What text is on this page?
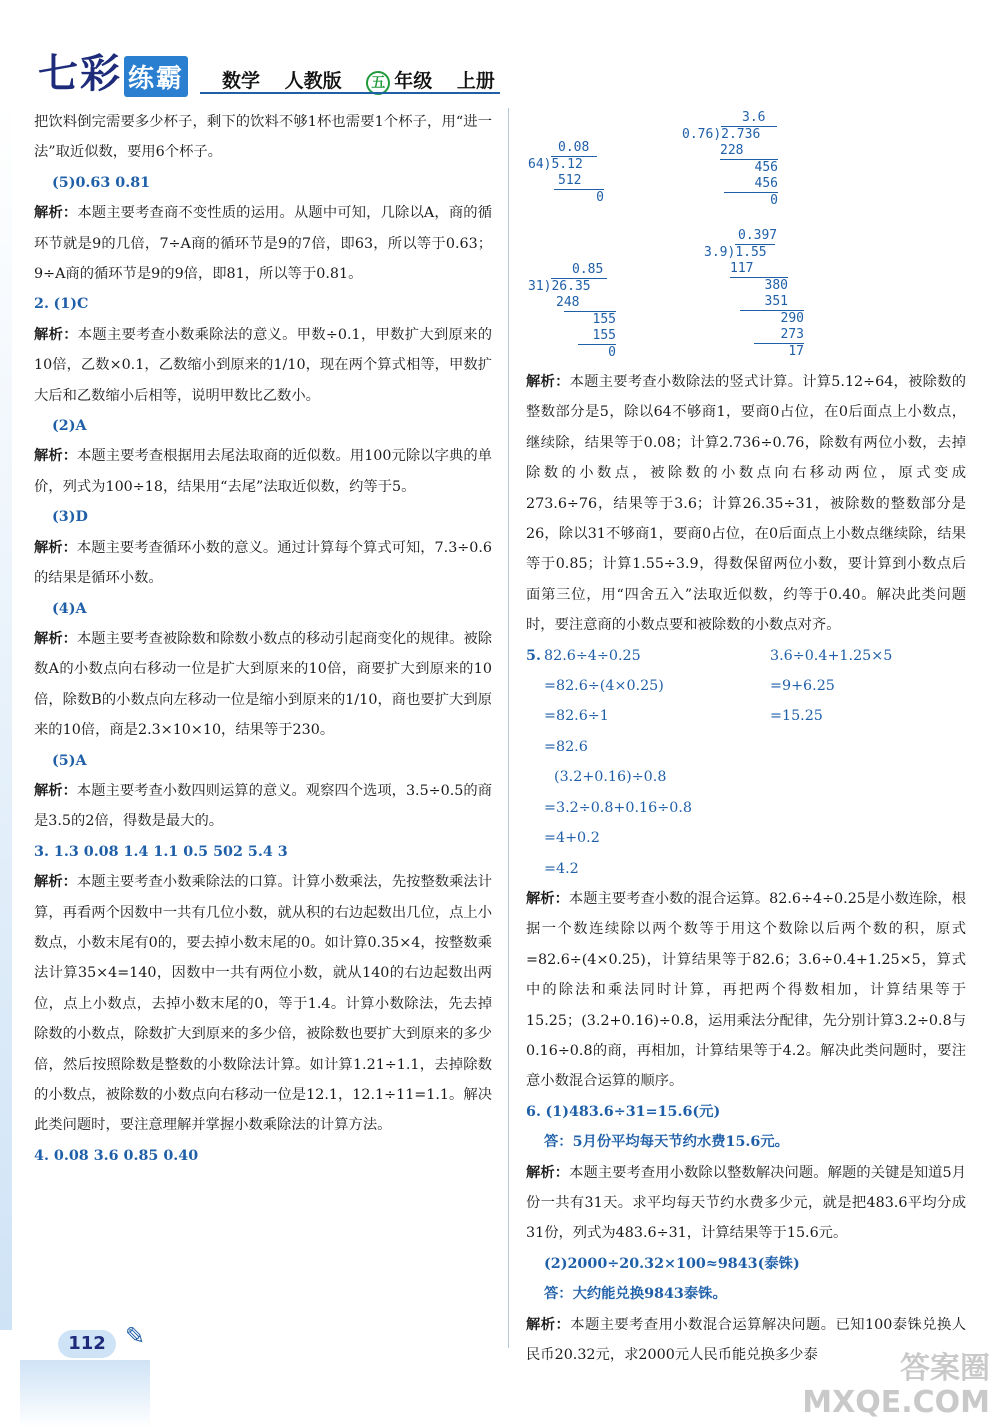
七彩 练霸 数学 人教版 五 年级 上册

把饮料倒完需要多少杯子，剩下的饮料不够1杯也需要1个杯子，用“进一法”取近似数，要用6个杯子。

(5)0.63 0.81

解析：本题主要考查商不变性质的运用。从题中可知，几除以A，商的循环节就是9的几倍，7÷A商的循环节是9的7倍，即63，所以等于0.63；9÷A商的循环节是9的9倍，即81，所以等于0.81。

2. (1)C

解析：本题主要考查小数乘除法的意义。甲数÷0.1，甲数扩大到原来的10倍，乙数×0.1，乙数缩小到原来的1/10，现在两个算式相等，甲数扩大后和乙数缩小后相等，说明甲数比乙数小。

(2)A

解析：本题主要考查根据用去尾法取商的近似数。用100元除以字典的单价，列式为100÷18，结果用“去尾”法取近似数，约等于5。

(3)D

解析：本题主要考查循环小数的意义。通过计算每个算式可知，7.3÷0.6的结果是循环小数。

(4)A

解析：本题主要考查被除数和除数小数点的移动引起商变化的规律。被除数A的小数点向右移动一位是扩大到原来的10倍，商要扩大到原来的10倍，除数B的小数点向左移动一位是缩小到原来的1/10，商也要扩大到原来的10倍，商是2.3×10×10，结果等于230。

(5)A

解析：本题主要考查小数四则运算的意义。观察四个选项，3.5÷0.5的商是3.5的2倍，得数是最大的。

3. 1.3 0.08 1.4 1.1 0.5 502 5.4 3

解析：本题主要考查小数乘除法的口算。计算小数乘法，先按整数乘法计算，再看两个因数中一共有几位小数，就从积的右边起数出几位，点上小数点，小数末尾有0的，要去掉小数末尾的0。如计算0.35×4，按整数乘法计算35×4=140，因数中一共有两位小数，就从140的右边起数出两位，点上小数点，去掉小数末尾的0，等于1.4。计算小数除法，先去掉除数的小数点，除数扩大到原来的多少倍，被除数也要扩大到原来的多少倍，然后按照除数是整数的小数除法计算。如计算1.21÷1.1，去掉除数的小数点，被除数的小数点向右移动一位是12.1，12.1÷11=1.1。解决此类问题时，要注意理解并掌握小数乘除法的计算方法。

4. 0.08 3.6 0.85 0.40

0.08
64)5.12
512
0
3.6
0.76)2.736
228
456
456
0
0.85
31)26.35
248
155
155
0
0.397
3.9)1.55
117
380
351
290
273
17

解析：本题主要考查小数除法的竖式计算。计算5.12÷64，被除数的整数部分是5，除以64不够商1，要商0占位，在0后面点上小数点，继续除，结果等于0.08；计算2.736÷0.76，除数有两位小数，去掉除数的小数点，被除数的小数点向右移动两位，原式变成273.6÷76，结果等于3.6；计算26.35÷31，被除数的整数部分是26，除以31不够商1，要商0占位，在0后面点上小数点继续除，结果等于0.85；计算1.55÷3.9，得数保留两位小数，要计算到小数点后面第三位，用“四舍五入”法取近似数，约等于0.40。解决此类问题时，要注意商的小数点要和被除数的小数点对齐。

5. 82.6÷4÷0.25	3.6÷0.4+1.25×5
=82.6÷(4×0.25)	=9+6.25
=82.6÷1	=15.25
=82.6
(3.2+0.16)÷0.8
=3.2÷0.8+0.16÷0.8
=4+0.2
=4.2

解析：本题主要考查小数的混合运算。82.6÷4÷0.25是小数连除，根据一个数连续除以两个数等于用这个数除以后两个数的积，原式=82.6÷(4×0.25)，计算结果等于82.6；3.6÷0.4+1.25×5，算式中的除法和乘法同时计算，再把两个得数相加，计算结果等于15.25；(3.2+0.16)÷0.8，运用乘法分配律，先分别计算3.2÷0.8与0.16÷0.8的商，再相加，计算结果等于4.2。解决此类问题时，要注意小数混合运算的顺序。

6. (1)483.6÷31=15.6(元)

答：5月份平均每天节约水费15.6元。

解析：本题主要考查用小数除以整数解决问题。解题的关键是知道5月份一共有31天。求平均每天节约水费多少元，就是把483.6平均分成31份，列式为483.6÷31，计算结果等于15.6元。

(2)2000÷20.32×100≈9843(泰铢)

答：大约能兑换9843泰铢。

解析：本题主要考查用小数混合运算解决问题。已知100泰铢兑换人民币20.32元，求2000元人民币能兑换多少泰

112 ✎
答案圈
MXQE.COM
